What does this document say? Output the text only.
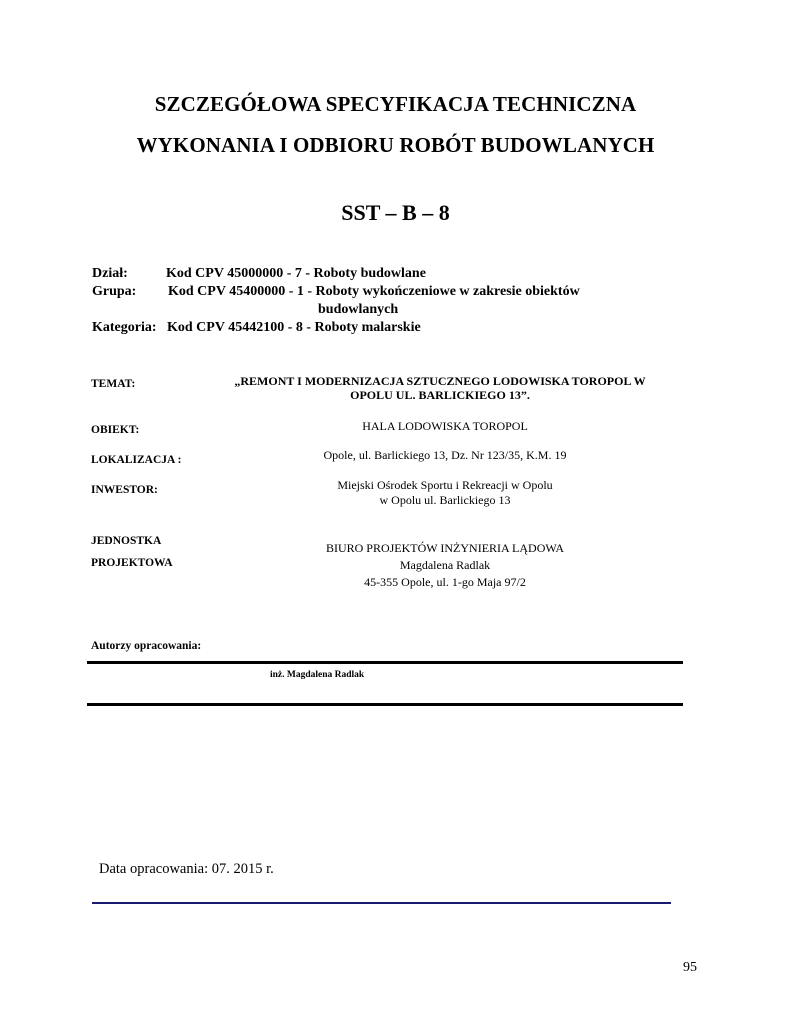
SZCZEGÓŁOWA SPECYFIKACJA TECHNICZNA
WYKONANIA I ODBIORU ROBÓT BUDOWLANYCH
SST – B – 8
Dział:	Kod CPV 45000000 - 7 - Roboty budowlane
Grupa: Kod CPV 45400000 - 1 - Roboty wykończeniowe w zakresie obiektów
budowlanych
Kategoria: Kod CPV 45442100 - 8 - Roboty malarskie
TEMAT:	„REMONT I MODERNIZACJA SZTUCZNEGO LODOWISKA TOROPOL W
OPOLU UL. BARLICKIEGO 13”.
OBIEKT:	HALA LODOWISKA TOROPOL
LOKALIZACJA :	Opole, ul. Barlickiego 13, Dz. Nr 123/35, K.M. 19
INWESTOR:	Miejski Ośrodek Sportu i Rekreacji w Opolu
w Opolu ul. Barlickiego 13
JEDNOSTKA
PROJEKTOWA
BIURO PROJEKTÓW INŻYNIERIA LĄDOWA
Magdalena Radlak
45-355 Opole, ul. 1-go Maja 97/2
Autorzy opracowania:
inż. Magdalena Radlak
Data opracowania: 07. 2015 r.
95
